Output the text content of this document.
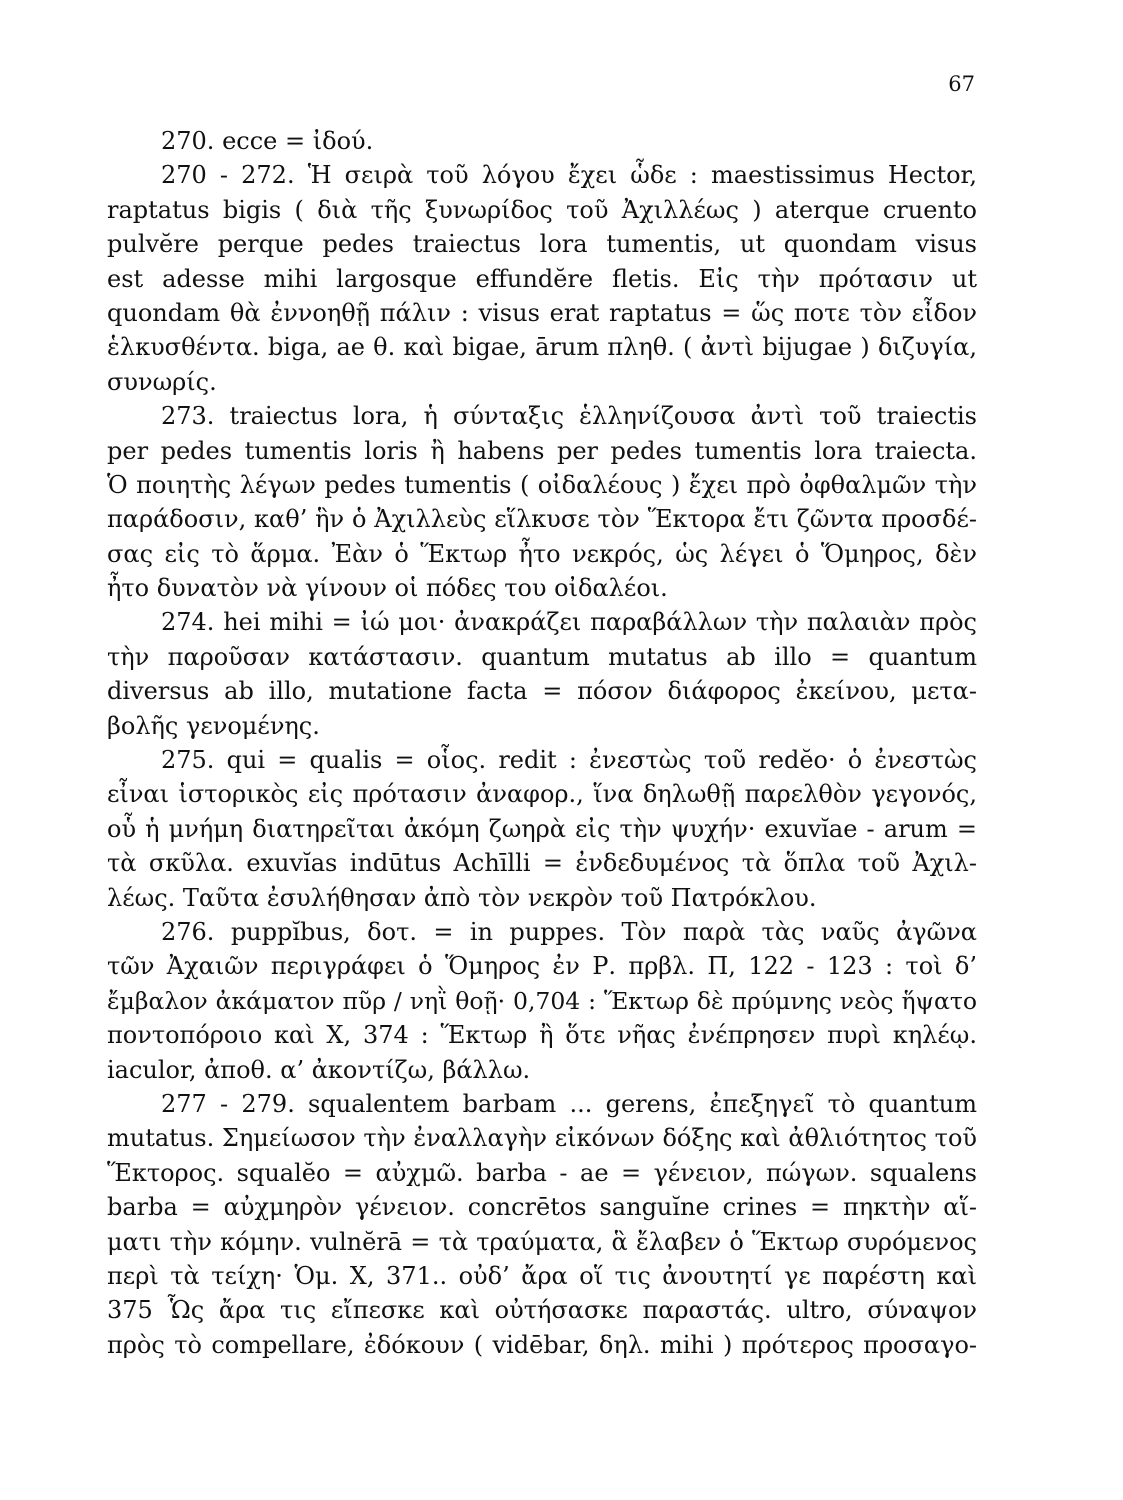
67
270. ecce = ἰδού.
270 - 272. Ἡ σειρὰ τοῦ λόγου ἔχει ὧδε : maestissimus Hector,
raptatus bigis ( διὰ τῆς ξυνωρίδος τοῦ Ἀχιλλέως ) aterque cruento
pulvĕre perque pedes traiectus lora tumentis, ut quondam visus
est adesse mihi largosque effundĕre fletis. Εἰς τὴν πρότασιν ut
quondam θὰ ἐννοηθῇ πάλιν : visus erat raptatus = ὥς ποτε τὸν εἶδον
ἑλκυσθέντα. biga, ae θ. καὶ bigae, ārum πληθ. ( ἀντὶ bijugae ) διζυγία,
συνωρίς.
273. traiectus lora, ἡ σύνταξις ἑλληνίζουσα ἀντὶ τοῦ traiectis
per pedes tumentis loris ἢ habens per pedes tumentis lora traiecta.
Ὁ ποιητὴς λέγων pedes tumentis ( οἰδαλέους ) ἔχει πρὸ ὀφθαλμῶν τὴν
παράδοσιν, καθ’ ἣν ὁ Ἀχιλλεὺς εἵλκυσε τὸν Ἕκτορα ἔτι ζῶντα προσδέ-
σας εἰς τὸ ἅρμα. Ἐὰν ὁ Ἕκτωρ ἦτο νεκρός, ὡς λέγει ὁ Ὅμηρος, δὲν
ἦτο δυνατὸν νὰ γίνουν οἱ πόδες του οἰδαλέοι.
274. hei mihi = ἰώ μοι· ἀνακράζει παραβάλλων τὴν παλαιὰν πρὸς
τὴν παροῦσαν κατάστασιν. quantum mutatus ab illo = quantum
diversus ab illo, mutatione facta = πόσον διάφορος ἐκείνου, μετα-
βολῆς γενομένης.
275. qui = qualis = οἷος. redit : ἐνεστὼς τοῦ redĕo· ὁ ἐνεστὼς
εἶναι ἱστορικὸς εἰς πρότασιν ἀναφορ., ἵνα δηλωθῇ παρελθὸν γεγονός,
οὗ ἡ μνήμη διατηρεῖται ἀκόμη ζωηρὰ εἰς τὴν ψυχήν· exuvĭae - arum =
τὰ σκῦλα. exuvĭas indūtus Achīlli = ἐνδεδυμένος τὰ ὅπλα τοῦ Ἀχιλ-
λέως. Ταῦτα ἐσυλήθησαν ἀπὸ τὸν νεκρὸν τοῦ Πατρόκλου.
276. puppĭbus, δοτ. = in puppes. Τὸν παρὰ τὰς ναῦς ἀγῶνα
τῶν Ἀχαιῶν περιγράφει ὁ Ὅμηρος ἐν Ρ. πρβλ. Π, 122 - 123 : τοὶ δ’
ἔμβαλον ἀκάματον πῦρ / νηῒ θοῇ· 0,704 : Ἕκτωρ δὲ πρύμνης νεὸς ἥψατο
ποντοπόροιο καὶ Χ, 374 : Ἕκτωρ ἢ ὅτε νῆας ἐνέπρησεν πυρὶ κηλέῳ.
iaculor, ἀποθ. α’ ἀκοντίζω, βάλλω.
277 - 279. squalentem barbam ... gerens, ἐπεξηγεῖ τὸ quantum
mutatus. Σημείωσον τὴν ἐναλλαγὴν εἰκόνων δόξης καὶ ἀθλιότητος τοῦ
Ἕκτορος. squalĕo = αὐχμῶ. barba - ae = γένειον, πώγων. squalens
barba = αὐχμηρὸν γένειον. concrētos sanguĭne crines = πηκτὴν αἵ-
ματι τὴν κόμην. vulnĕrā = τὰ τραύματα, ἃ ἔλαβεν ὁ Ἕκτωρ συρόμενος
περὶ τὰ τείχη· Ὁμ. Χ, 371.. οὐδ’ ἄρα οἵ τις ἀνουτητί γε παρέστη καὶ
375 Ὧς ἄρα τις εἴπεσκε καὶ οὐτήσασκε παραστάς. ultro, σύναψον
πρὸς τὸ compellare, ἐδόκουν ( vidēbar, δηλ. mihi ) πρότερος προσαγο-
